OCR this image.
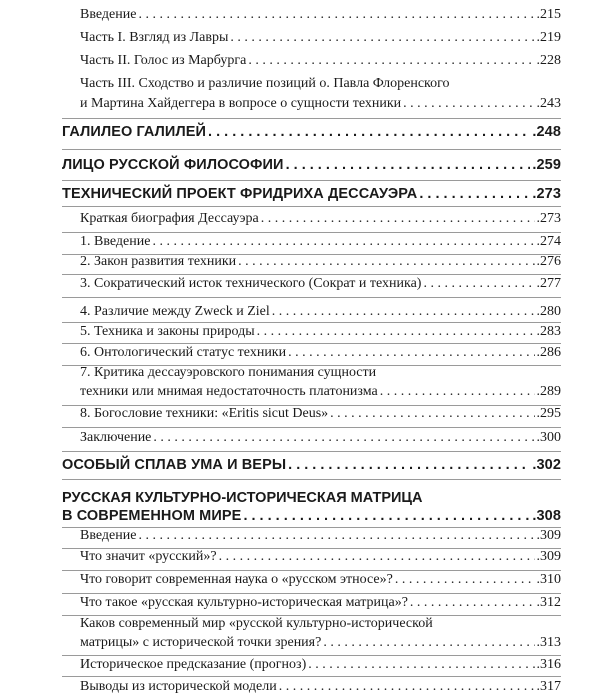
Введение . . .	.215
Часть I. Взгляд из Лавры . . .	.219
Часть II. Голос из Марбурга . . .	.228
Часть III. Сходство и различие позиций о. Павла Флоренского
и Мартина Хайдеггера в вопросе о сущности техники . . .	.243
ГАЛИЛЕО ГАЛИЛЕЙ . . .	.248
ЛИЦО РУССКОЙ ФИЛОСОФИИ . . .	.259
ТЕХНИЧЕСКИЙ ПРОЕКТ ФРИДРИХА ДЕССАУЭРА . . .	.273
Краткая биография Дессауэра . . .	.273
1. Введение . . .	.274
2. Закон развития техники . . .	.276
3. Сократический исток технического (Сократ и техника) . . .	.277
4. Различие между Zweck и Ziel . . .	.280
5. Техника и законы природы . . .	.283
6. Онтологический статус техники . . .	.286
7. Критика дессауэровского понимания сущности
техники или мнимая недостаточность платонизма . . .	.289
8. Богословие техники: «Eritis sicut Deus» . . .	.295
Заключение . . .	.300
ОСОБЫЙ СПЛАВ УМА И ВЕРЫ . . .	.302
РУССКАЯ КУЛЬТУРНО-ИСТОРИЧЕСКАЯ МАТРИЦА
В СОВРЕМЕННОМ МИРЕ . . .	.308
Введение . . .	.309
Что значит «русский»? . . .	.309
Что говорит современная наука о «русском этносе»? . . .	.310
Что такое «русская культурно-историческая матрица»? . . .	.312
Каков современный мир «русской культурно-исторической
матрицы» с исторической точки зрения? . . .	.313
Историческое предсказание (прогноз) . . .	.316
Выводы из исторической модели . . .	.317
